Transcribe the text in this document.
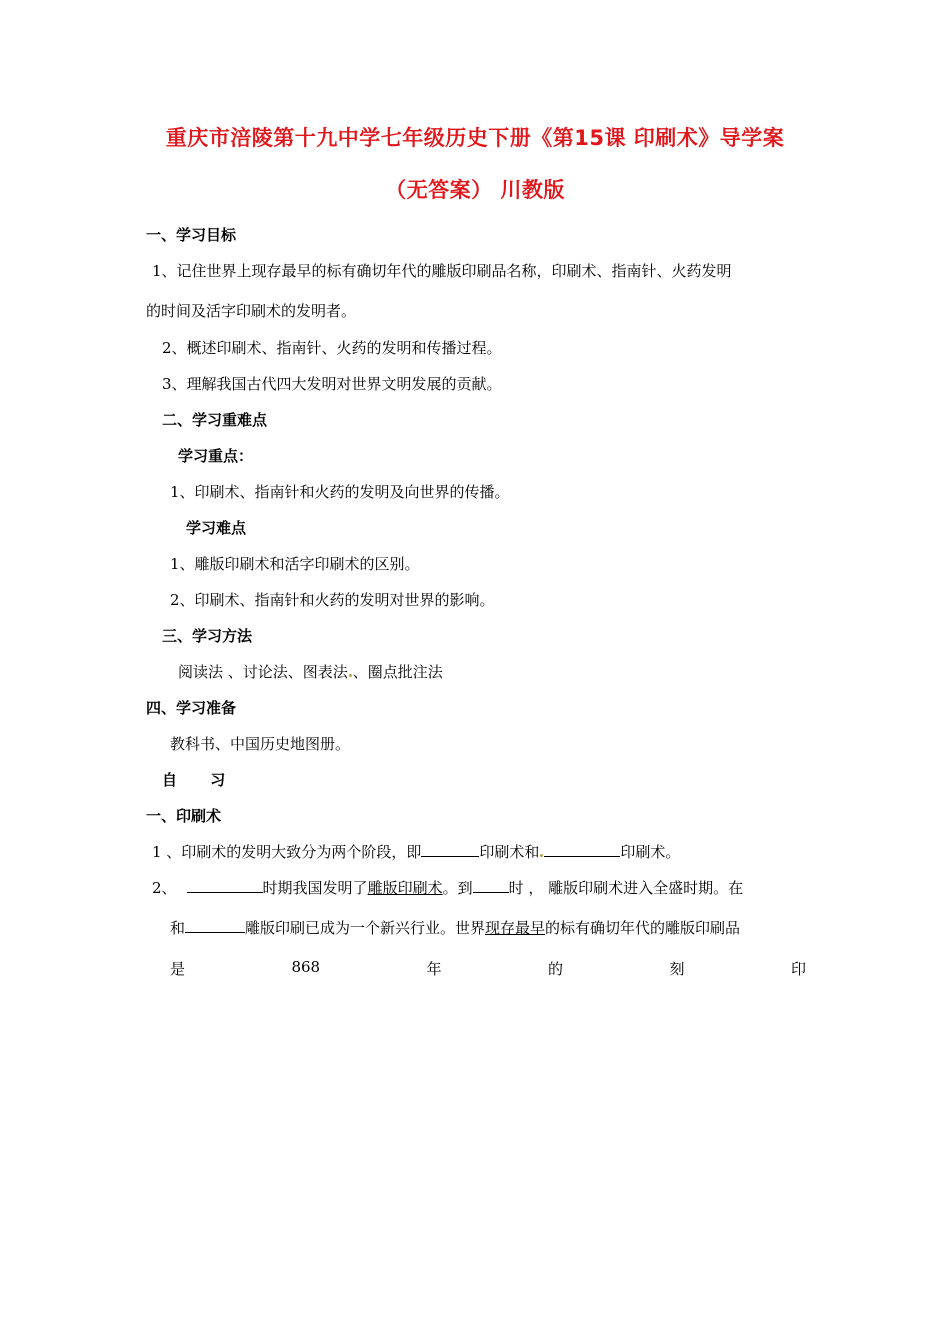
重庆市涪陵第十九中学七年级历史下册《第15课 印刷术》导学案
（无答案） 川教版
一、学习目标
1、记住世界上现存最早的标有确切年代的雕版印刷品名称，印刷术、指南针、火药发明
的时间及活字印刷术的发明者。
2、概述印刷术、指南针、火药的发明和传播过程。
3、理解我国古代四大发明对世界文明发展的贡献。
二、学习重难点
学习重点：
1、印刷术、指南针和火药的发明及向世界的传播。
学习难点
1、雕版印刷术和活字印刷术的区别。
2、印刷术、指南针和火药的发明对世界的影响。
三、学习方法
阅读法 、讨论法、图表法 、圈点批注法
四、学习准备
教科书、中国历史地图册。
自 习
一、印刷术
1 、印刷术的发明大致分为两个阶段，即	印刷术和	印刷术。
2、	时期我国发明了雕版印刷术。到 时 ， 雕版印刷术进入全盛时期。在
和	雕版印刷已成为一个新兴行业。世界现存最早的标有确切年代的雕版印刷品
是	868	年	的	刻	印
